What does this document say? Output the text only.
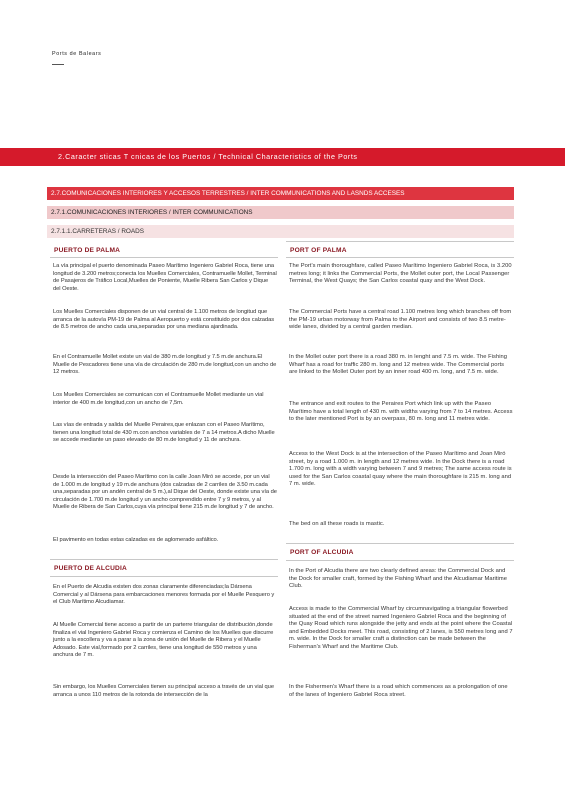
Ports de Balears
2.Caracter sticas T cnicas de los Puertos / Technical Characteristics of the Ports
2.7.COMUNICACIONES INTERIORES Y ACCESOS TERRESTRES / INTER COMMUNICATIONS AND LASNDS ACCESES
2.7.1.COMUNICACIONES INTERIORES / INTER COMMUNICATIONS
2.7.1.1.CARRETERAS / ROADS
PUERTO DE PALMA
La vía principal el puerto denominada Paseo Marítimo Ingeniero Gabriel Roca, tiene una longitud de 3.200 metros;conecta los Muelles Comerciales, Contramuelle Mollet, Terminal de Pasajeros de Tráfico Local,Muelles de Poniente, Muelle Ribera San Carlos y Dique del Oeste.
Los Muelles Comerciales disponen de un vial central de 1.100 metros de longitud que arranca de la autovía PM-19 de Palma al Aeropuerto y está constituido por dos calzadas de 8.5 metros de ancho cada una,separadas por una mediana ajardinada.
En el Contramuelle Mollet existe un vial de 380 m.de longitud y 7.5 m.de anchura.El Muelle de Pescadores tiene una vía de circulación de 280 m.de longitud,con un ancho de 12 metros.
Los Muelles Comerciales se comunican con el Contramuelle Mollet mediante un vial interior de 400 m.de longitud,con un ancho de 7,5m.
Las vías de entrada y salida del Muelle Peraires,que enlazan con el Paseo Marítimo, tienen una longitud total de 430 m.con anchos variables de 7 a 14 metros.A dicho Muelle se accede mediante un paso elevado de 80 m.de longitud y 11 de anchura.
Desde la intersección del Paseo Marítimo con la calle Joan Miró se accede, por un vial de 1.000 m.de longitud y 19 m.de anchura (dos calzadas de 2 carriles de 3.50 m.cada una,separadas por un andén central de 5 m.),al Dique del Oeste, donde existe una vía de circulación de 1.700 m.de longitud y un ancho comprendido entre 7 y 9 metros, y al Muelle de Ribera de San Carlos,cuya vía principal tiene 215 m.de longitud y 7 de ancho.
El pavimento en todas estas calzadas es de aglomerado asfáltico.
PUERTO DE ALCUDIA
En el Puerto de Alcudia existen dos zonas claramente diferenciadas;la Dársena Comercial y al Dársena para embarcaciones menores formada por el Muelle Pesquero y el Club Marítimo Alcudiamar.
Al Muelle Comercial tiene acceso a partir de un parterre triangular de distribución,donde finaliza el vial Ingeniero Gabriel Roca y comienza el Camino de los Muelles que discurre junto a la escollera y va a parar a la zona de unión del Muelle de Ribera y el Muelle Adosado. Este vial,formado por 2 carriles, tiene una longitud de 550 metros y una anchura de 7 m.
Sin embargo, los Muelles Comerciales tienen su principal acceso a través de un vial que arranca a unos 110 metros de la rotonda de intersección de la
PORT OF PALMA
The Port's main thoroughfare, called Paseo Marítimo Ingeniero Gabriel Roca, is 3.200 metres long; it links the Commercial Ports, the Mollet outer port, the Local Passenger Terminal, the West Quays; the San Carlos coastal quay and the West Dock.
The Commercial Ports have a central road 1.100 metres long which branches off from the PM-19 urban motorway from Palma to the Airport and consists of two 8.5 metre-wide lanes, divided by a central garden median.
In the Mollet outer port there is a road 380 m. in lenght and 7.5 m. wide. The Fishing Wharf has a road for traffic 280 m. long and 12 metres wide. The Commercial ports are linked to the Mollet Outer port by an inner road 400 m. long, and 7.5 m. wide.
The entrance and exit routes to the Peraires Port which link up with the Paseo Marítimo have a total length of 430 m. with widths varying from 7 to 14 metres. Access to the later mentioned Port is by an overpass, 80 m. long and 11 metres wide.
Access to the West Dock is at the intersection of the Paseo Marítimo and Joan Miró street, by a road 1.000 m. in length and 12 metres wide. In the Dock there is a road 1.700 m. long with a width varying between 7 and 9 metres; The same access route is used for the San Carlos coastal quay where the main thoroughfare is 215 m. long and 7 m. wide.
The bed on all these roads is mastic.
PORT OF ALCUDIA
In the Port of Alcudia there are two clearly defined areas: the Commercial Dock and the Dock for smaller craft, formed by the Fishing Wharf and the Alcudiamar Maritime Club.
Access is made to the Commercial Wharf by circumnavigating a triangular flowerbed situated at the end of the street named Ingeniero Gabriel Roca and the beginning of the Quay Road which runs alongside the jetty and ends at the point where the Coastal and Embedded Docks meet. This road, consisting of 2 lanes, is 550 metres long and 7 m. wide. In the Dock for smaller craft a distinction can be made between the Fisherman's Wharf and the Maritime Club.
In the Fishermen's Wharf there is a road which commences as a prolongation of one of the lanes of Ingeniero Gabriel Roca street.
